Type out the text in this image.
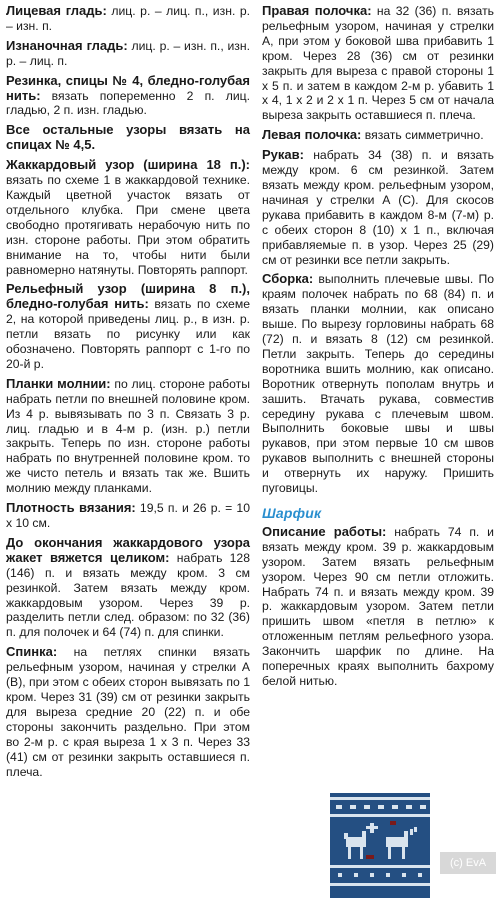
Лицевая гладь: лиц. р. – лиц. п., изн. р. – изн. п.

Изнаночная гладь: лиц. р. – изн. п., изн. р. – лиц. п.

Резинка, спицы № 4, бледно-голубая нить: вязать попеременно 2 п. лиц. гладью, 2 п. изн. гладью.

Все остальные узоры вязать на спицах № 4,5.

Жаккардовый узор (ширина 18 п.): вязать по схеме 1 в жаккардовой технике. Каждый цветной участок вязать от отдельного клубка. При смене цвета свободно протягивать нерабочую нить по изн. стороне работы. При этом обратить внимание на то, чтобы нити были равномерно натянуты. Повторять раппорт.

Рельефный узор (ширина 8 п.), бледно-голубая нить: вязать по схеме 2, на которой приведены лиц. р., в изн. р. петли вязать по рисунку или как обозначено. Повторять раппорт с 1-го по 20-й р.

Планки молнии: по лиц. стороне работы набрать петли по внешней половине кром. Из 4 р. вывязывать по 3 п. Связать 3 р. лиц. гладью и в 4-м р. (изн. р.) петли закрыть. Теперь по изн. стороне работы набрать по внутренней половине кром. то же чисто петель и вязать так же. Вшить молнию между планками.

Плотность вязания: 19,5 п. и 26 р. = 10 x 10 см.

До окончания жаккардового узора жакет вяжется целиком: набрать 128 (146) п. и вязать между кром. 3 см резинкой. Затем вязать между кром. жаккардовым узором. Через 39 р. разделить петли след. образом: по 32 (36) п. для полочек и 64 (74) п. для спинки.

Спинка: на петлях спинки вязать рельефным узором, начиная у стрелки А (В), при этом с обеих сторон вывязать по 1 кром. Через 31 (39) см от резинки закрыть для выреза средние 20 (22) п. и обе стороны закончить раздельно. При этом во 2-м р. с края выреза 1 x 3 п. Через 33 (41) см от резинки закрыть оставшиеся п. плеча.

Правая полочка: на 32 (36) п. вязать рельефным узором, начиная у стрелки А, при этом у боковой шва прибавить 1 кром. Через 28 (36) см от резинки закрыть для выреза с правой стороны 1 x 5 п. и затем в каждом 2-м р. убавить 1 x 4, 1 x 2 и 2 x 1 п. Через 5 см от начала выреза закрыть оставшиеся п. плеча.

Левая полочка: вязать симметрично.

Рукав: набрать 34 (38) п. и вязать между кром. 6 см резинкой. Затем вязать между кром. рельефным узором, начиная у стрелки А (С). Для скосов рукава прибавить в каждом 8-м (7-м) р. с обеих сторон 8 (10) x 1 п., включая прибавляемые п. в узор. Через 25 (29) см от резинки все петли закрыть.

Сборка: выполнить плечевые швы. По краям полочек набрать по 68 (84) п. и вязать планки молнии, как описано выше. По вырезу горловины набрать 68 (72) п. и вязать 8 (12) см резинкой. Петли закрыть. Теперь до середины воротника вшить молнию, как описано. Воротник отвернуть пополам внутрь и зашить. Втачать рукава, совместив середину рукава с плечевым швом. Выполнить боковые швы и швы рукавов, при этом первые 10 см швов рукавов выполнить с внешней стороны и отвернуть их наружу. Пришить пуговицы.

Шарфик

Описание работы: набрать 74 п. и вязать между кром. 39 р. жаккардовым узором. Затем вязать рельефным узором. Через 90 см петли отложить. Набрать 74 п. и вязать между кром. 39 р. жаккардовым узором. Затем петли пришить швом «петля в петлю» к отложенным петлям рельефного узора. Закончить шарфик по длине. На поперечных краях выполнить бахрому белой нитью.

(c) EvA
